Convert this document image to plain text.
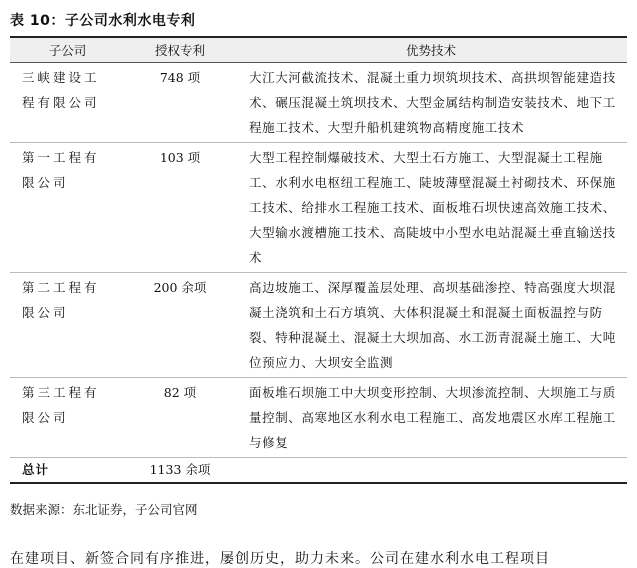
表 10：子公司水利水电专利
子公司	授权专利	优势技术

三峡建设工程有限公司	748 项	大江大河截流技术、混凝土重力坝筑坝技术、高拱坝智能建造技术、碾压混凝土筑坝技术、大型金属结构制造安装技术、地下工程施工技术、大型升船机建筑物高精度施工技术

第一工程有限公司	103 项	大型工程控制爆破技术、大型土石方施工、大型混凝土工程施工、水利水电枢纽工程施工、陡坡薄壁混凝土衬砌技术、环保施工技术、给排水工程施工技术、面板堆石坝快速高效施工技术、大型输水渡槽施工技术、高陡坡中小型水电站混凝土垂直输送技术

第二工程有限公司	200 余项	高边坡施工、深厚覆盖层处理、高坝基础渗控、特高强度大坝混凝土浇筑和土石方填筑、大体积混凝土和混凝土面板温控与防裂、特种混凝土、混凝土大坝加高、水工沥青混凝土施工、大吨位预应力、大坝安全监测

第三工程有限公司	82 项	面板堆石坝施工中大坝变形控制、大坝渗流控制、大坝施工与质量控制、高寒地区水利水电工程施工、高发地震区水库工程施工与修复
总计	1133 余项	
数据来源：东北证券，子公司官网
在建项目、新签合同有序推进，屡创历史，助力未来。公司在建水利水电工程项目
